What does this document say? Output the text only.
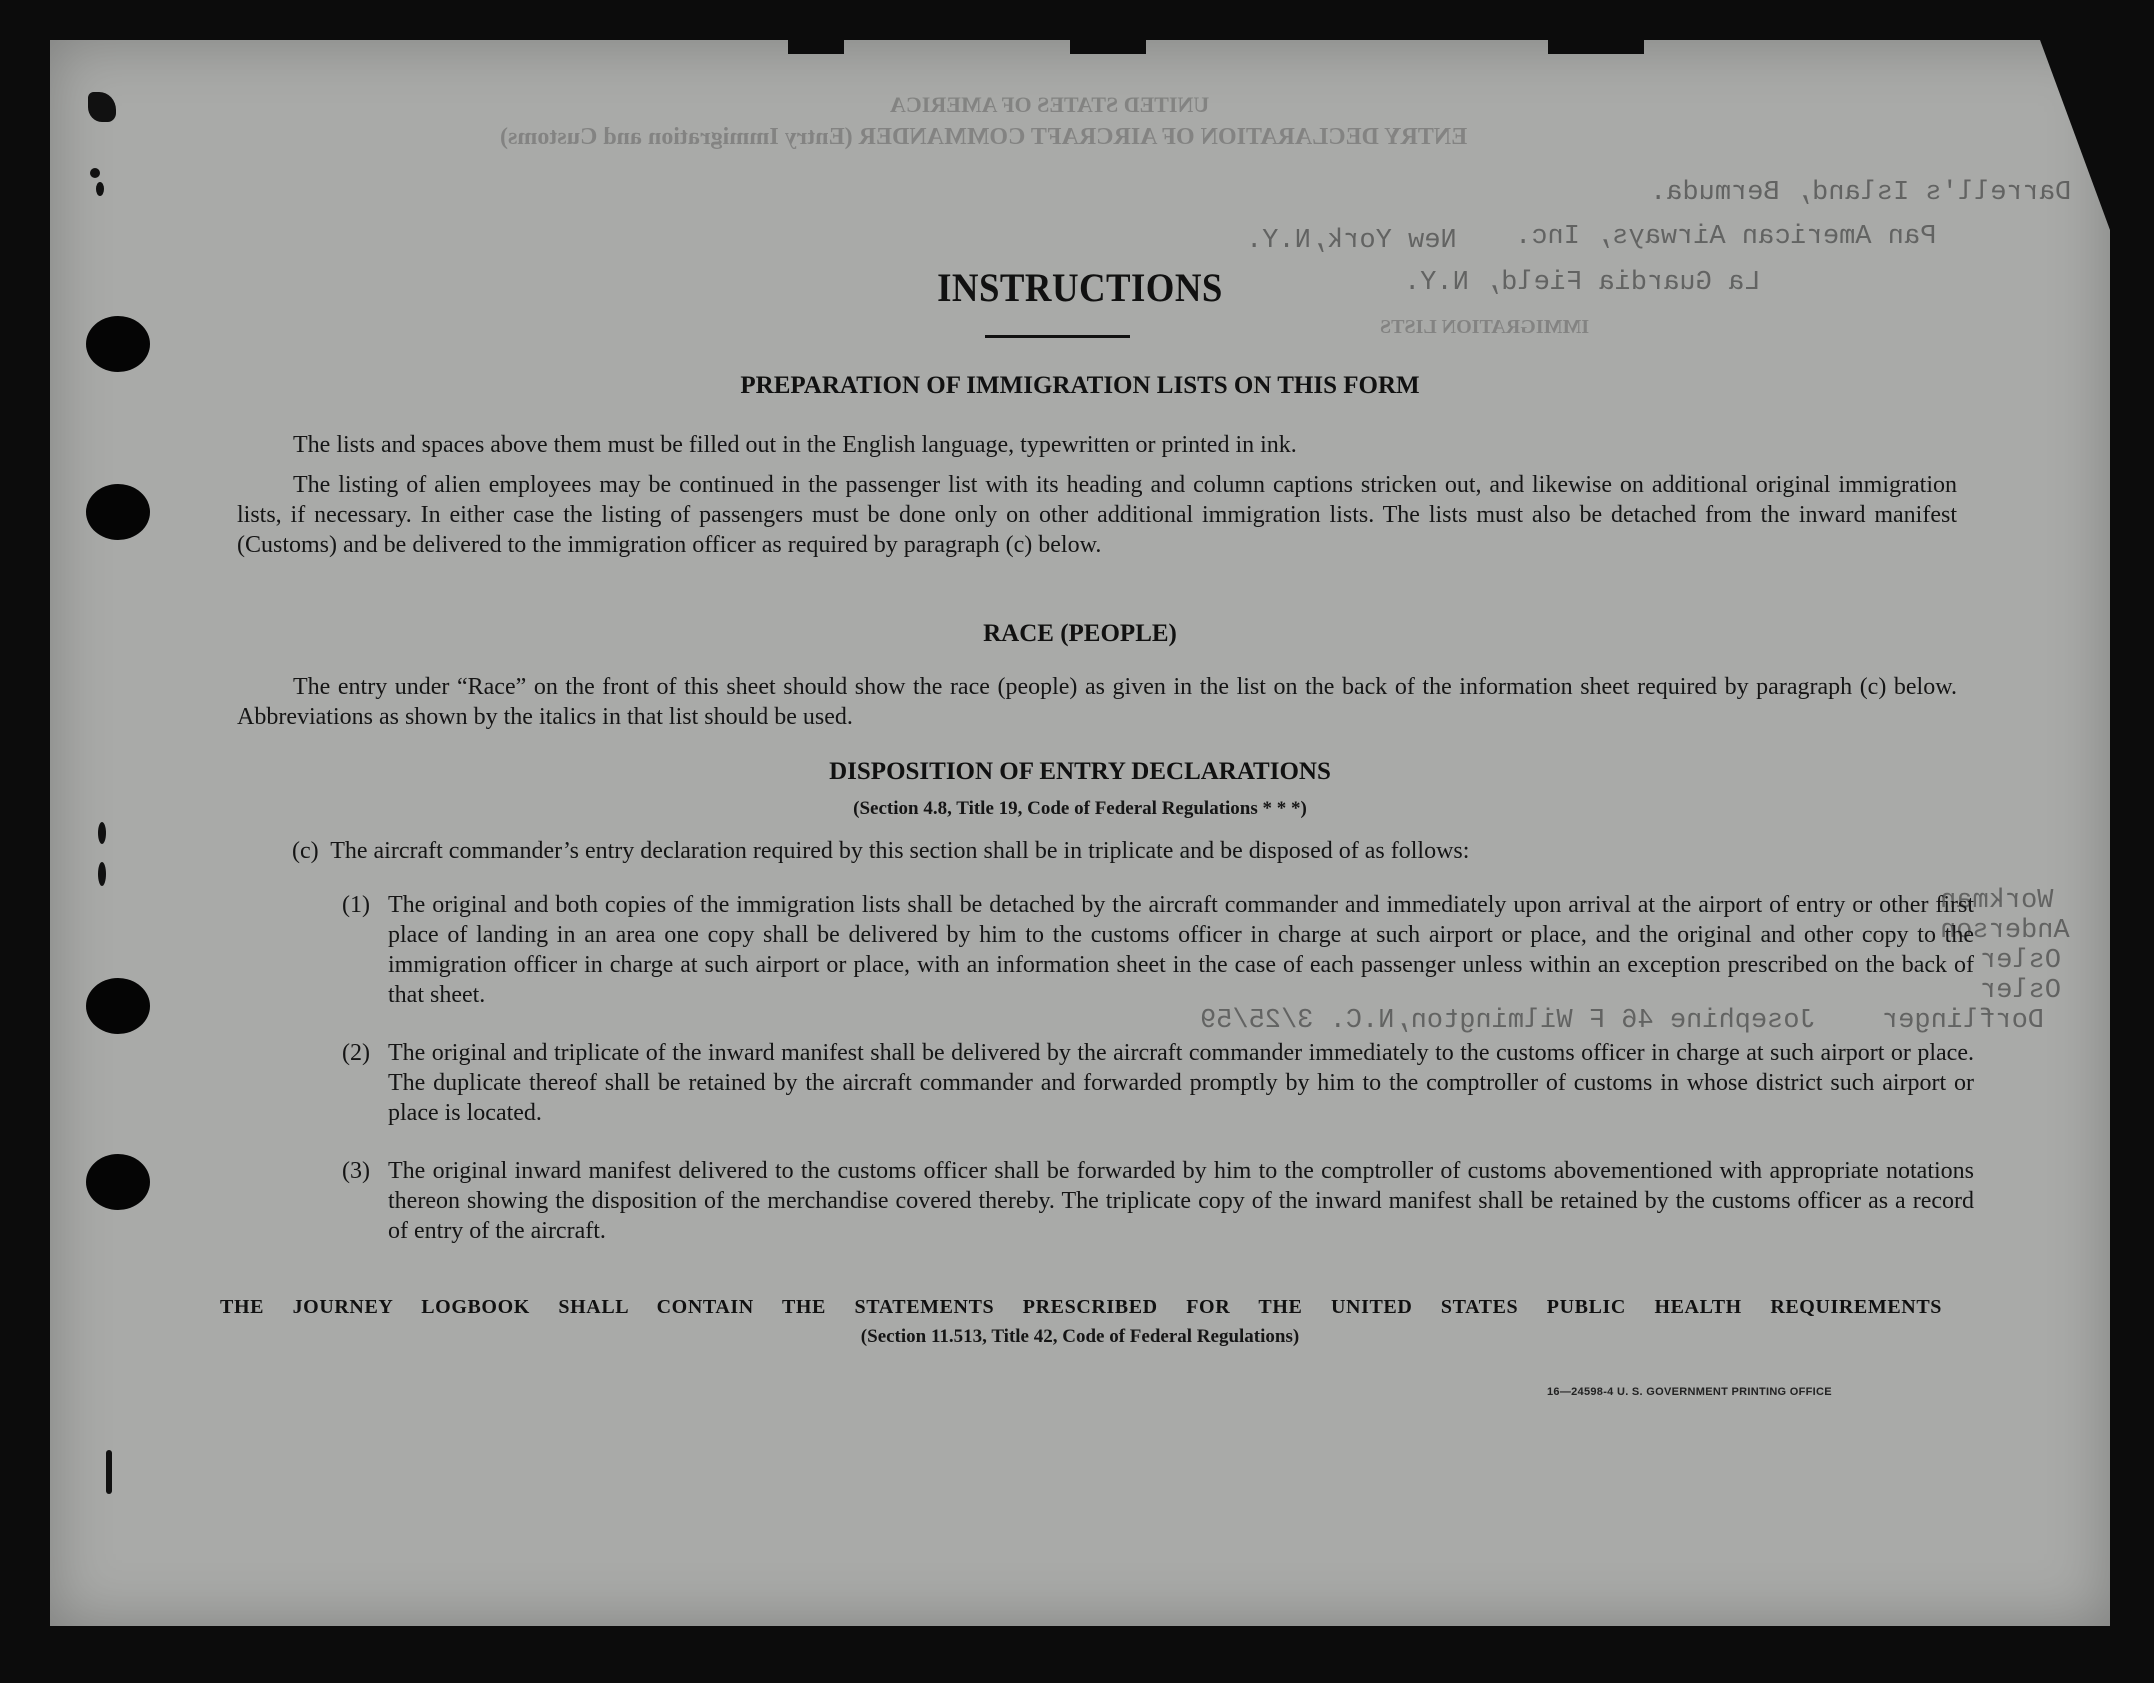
UNITED STATES OF AMERICA
ENTRY DECLARATION OF AIRCRAFT COMMANDER (Entry Immigration and Customs)
Darrell's Island, Bermuda.
Pan American Airways, Inc.
New York,N.Y.
La Guardia Field, N.Y.
IMMIGRATION LISTS
Workman
Anderson
Osler
Osler
Dorflinger
Josephine 46 F Wilmington,N.C. 3/25/59
INSTRUCTIONS
PREPARATION OF IMMIGRATION LISTS ON THIS FORM

The lists and spaces above them must be filled out in the English language, typewritten or printed in ink.

The listing of alien employees may be continued in the passenger list with its heading and column captions stricken out, and likewise on additional original immigration lists, if necessary. In either case the listing of passengers must be done only on other additional immigration lists. The lists must also be detached from the inward manifest (Customs) and be delivered to the immigration officer as required by paragraph (c) below.

RACE (PEOPLE)

The entry under “Race” on the front of this sheet should show the race (people) as given in the list on the back of the information sheet required by paragraph (c) below. Abbreviations as shown by the italics in that list should be used.

DISPOSITION OF ENTRY DECLARATIONS

(Section 4.8, Title 19, Code of Federal Regulations * * *)

(c) The aircraft commander’s entry declaration required by this section shall be in triplicate and be disposed of as follows:

(1) The original and both copies of the immigration lists shall be detached by the aircraft commander and immediately upon arrival at the airport of entry or other first place of landing in an area one copy shall be delivered by him to the customs officer in charge at such airport or place, and the original and other copy to the immigration officer in charge at such airport or place, with an information sheet in the case of each passenger unless within an exception prescribed on the back of that sheet.
(2) The original and triplicate of the inward manifest shall be delivered by the aircraft commander immediately to the customs officer in charge at such airport or place. The duplicate thereof shall be retained by the aircraft commander and forwarded promptly by him to the comptroller of customs in whose district such airport or place is located.
(3) The original inward manifest delivered to the customs officer shall be forwarded by him to the comptroller of customs abovementioned with appropriate notations thereon showing the disposition of the merchandise covered thereby. The triplicate copy of the inward manifest shall be retained by the customs officer as a record of entry of the aircraft.

THE JOURNEY LOGBOOK SHALL CONTAIN THE STATEMENTS PRESCRIBED FOR THE UNITED STATES PUBLIC HEALTH REQUIREMENTS

(Section 11.513, Title 42, Code of Federal Regulations)

16—24598-4 U. S. GOVERNMENT PRINTING OFFICE
